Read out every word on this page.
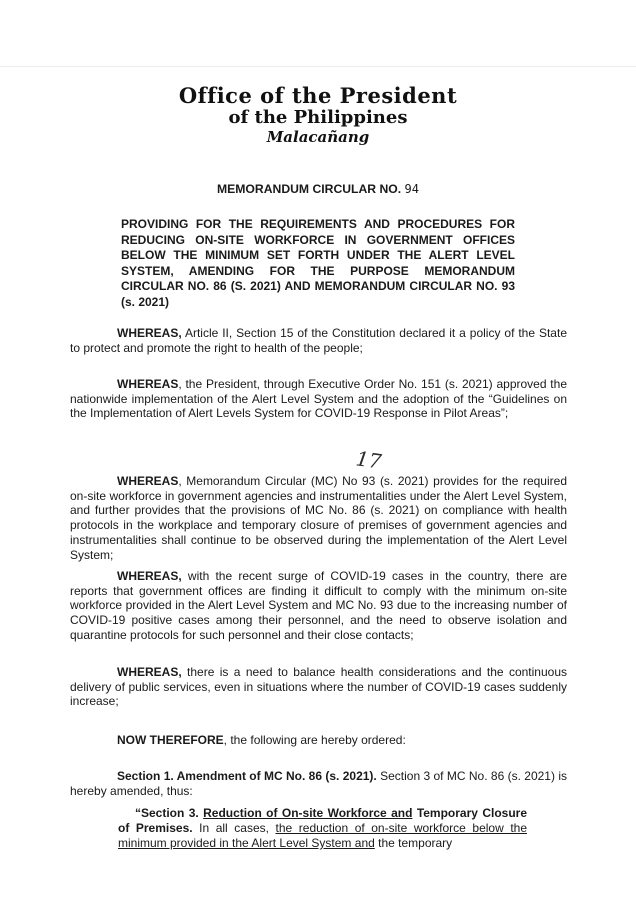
Office of the President
of the Philippines
Malacañang
MEMORANDUM CIRCULAR NO. 94
PROVIDING FOR THE REQUIREMENTS AND PROCEDURES FOR REDUCING ON-SITE WORKFORCE IN GOVERNMENT OFFICES BELOW THE MINIMUM SET FORTH UNDER THE ALERT LEVEL SYSTEM, AMENDING FOR THE PURPOSE MEMORANDUM CIRCULAR NO. 86 (S. 2021) AND MEMORANDUM CIRCULAR NO. 93 (s. 2021)
WHEREAS, Article II, Section 15 of the Constitution declared it a policy of the State to protect and promote the right to health of the people;
WHEREAS, the President, through Executive Order No. 151 (s. 2021) approved the nationwide implementation of the Alert Level System and the adoption of the “Guidelines on the Implementation of Alert Levels System for COVID-19 Response in Pilot Areas”;
17
WHEREAS, Memorandum Circular (MC) No 93 (s. 2021) provides for the required on-site workforce in government agencies and instrumentalities under the Alert Level System, and further provides that the provisions of MC No. 86 (s. 2021) on compliance with health protocols in the workplace and temporary closure of premises of government agencies and instrumentalities shall continue to be observed during the implementation of the Alert Level System;
WHEREAS, with the recent surge of COVID-19 cases in the country, there are reports that government offices are finding it difficult to comply with the minimum on-site workforce provided in the Alert Level System and MC No. 93 due to the increasing number of COVID-19 positive cases among their personnel, and the need to observe isolation and quarantine protocols for such personnel and their close contacts;
WHEREAS, there is a need to balance health considerations and the continuous delivery of public services, even in situations where the number of COVID-19 cases suddenly increase;
NOW THEREFORE, the following are hereby ordered:
Section 1. Amendment of MC No. 86 (s. 2021). Section 3 of MC No. 86 (s. 2021) is hereby amended, thus:
“Section 3. Reduction of On-site Workforce and Temporary Closure of Premises. In all cases, the reduction of on-site workforce below the minimum provided in the Alert Level System and the temporary
